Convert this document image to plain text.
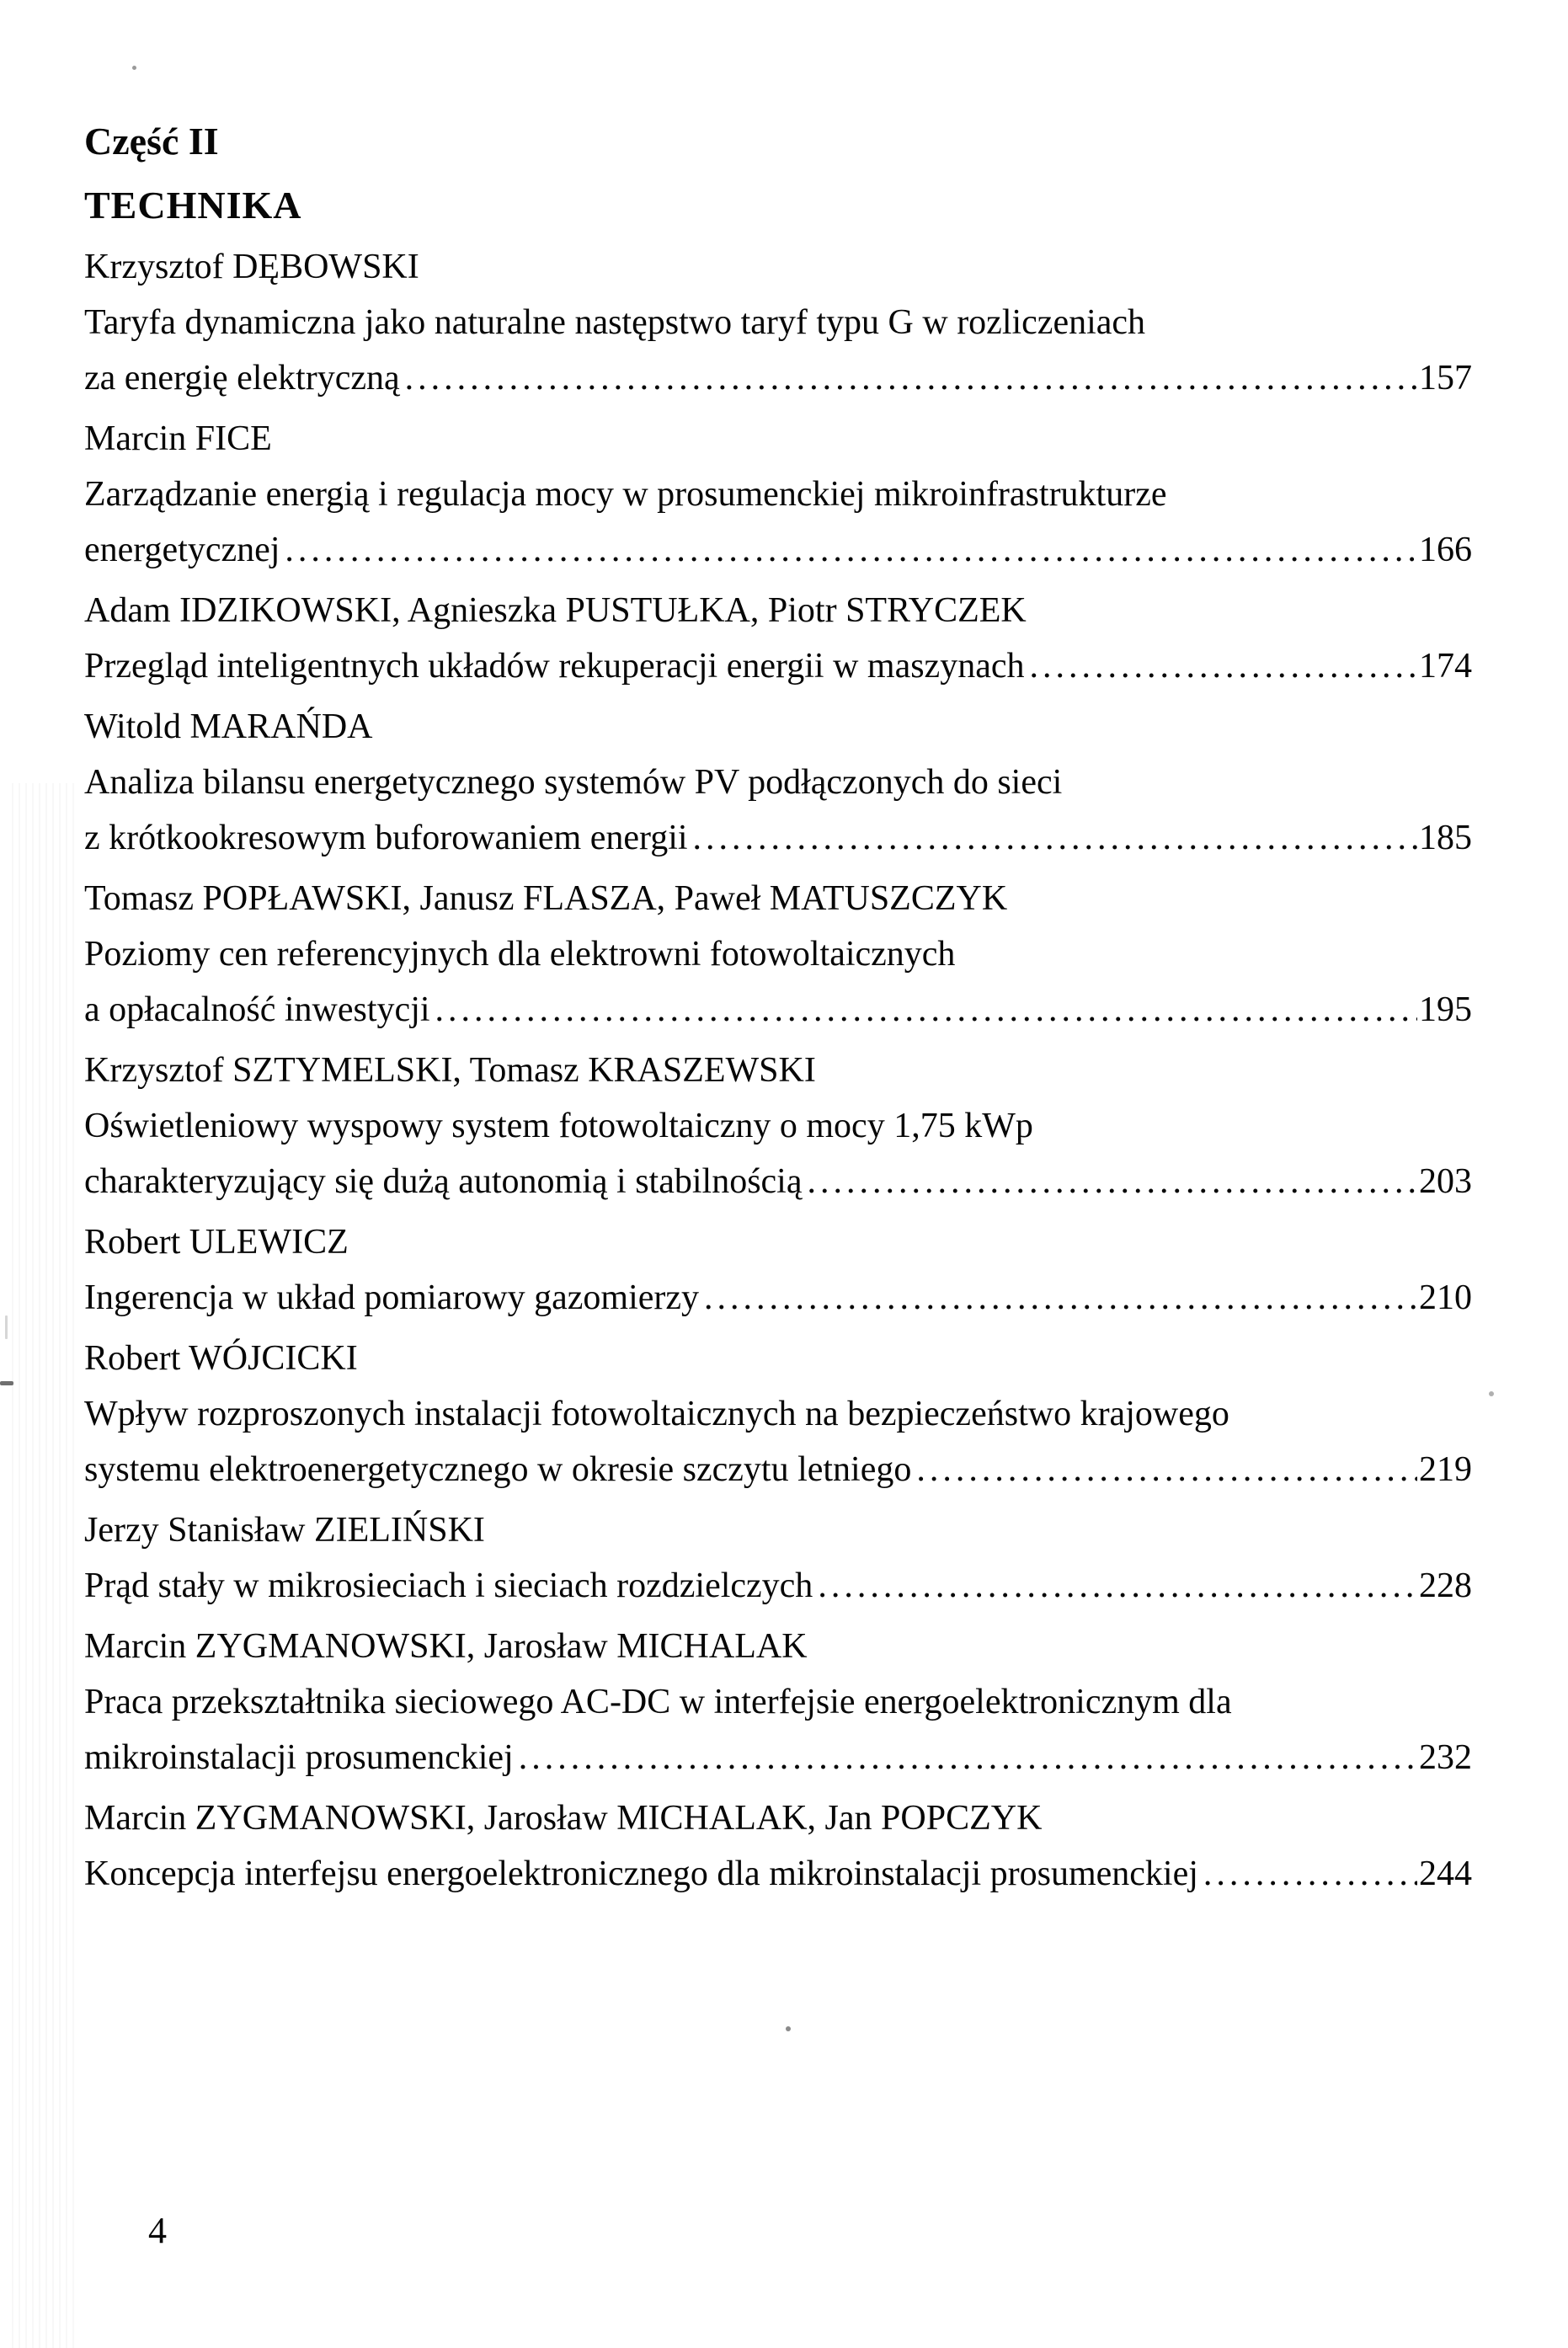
Część II
TECHNIKA
Krzysztof DĘBOWSKI
Taryfa dynamiczna jako naturalne następstwo taryf typu G w rozliczeniach
za energię elektryczną .....	157
Marcin FICE
Zarządzanie energią i regulacja mocy w prosumenckiej mikroinfrastrukturze
energetycznej .....	166
Adam IDZIKOWSKI, Agnieszka PUSTUŁKA, Piotr STRYCZEK
Przegląd inteligentnych układów rekuperacji energii w maszynach .....	174
Witold MARAŃDA
Analiza bilansu energetycznego systemów PV podłączonych do sieci
z krótkookresowym buforowaniem energii .....	185
Tomasz POPŁAWSKI, Janusz FLASZA, Paweł MATUSZCZYK
Poziomy cen referencyjnych dla elektrowni fotowoltaicznych
a opłacalność inwestycji .....	195
Krzysztof SZTYMELSKI, Tomasz KRASZEWSKI
Oświetleniowy wyspowy system fotowoltaiczny o mocy 1,75 kWp
charakteryzujący się dużą autonomią i stabilnością .....	203
Robert ULEWICZ
Ingerencja w układ pomiarowy gazomierzy .....	210
Robert WÓJCICKI
Wpływ rozproszonych instalacji fotowoltaicznych na bezpieczeństwo krajowego
systemu elektroenergetycznego w okresie szczytu letniego .....	219
Jerzy Stanisław ZIELIŃSKI
Prąd stały w mikrosieciach i sieciach rozdzielczych .....	228
Marcin ZYGMANOWSKI, Jarosław MICHALAK
Praca przekształtnika sieciowego AC-DC w interfejsie energoelektronicznym dla
mikroinstalacji prosumenckiej .....	232
Marcin ZYGMANOWSKI, Jarosław MICHALAK, Jan POPCZYK
Koncepcja interfejsu energoelektronicznego dla mikroinstalacji prosumenckiej .....	244
4
